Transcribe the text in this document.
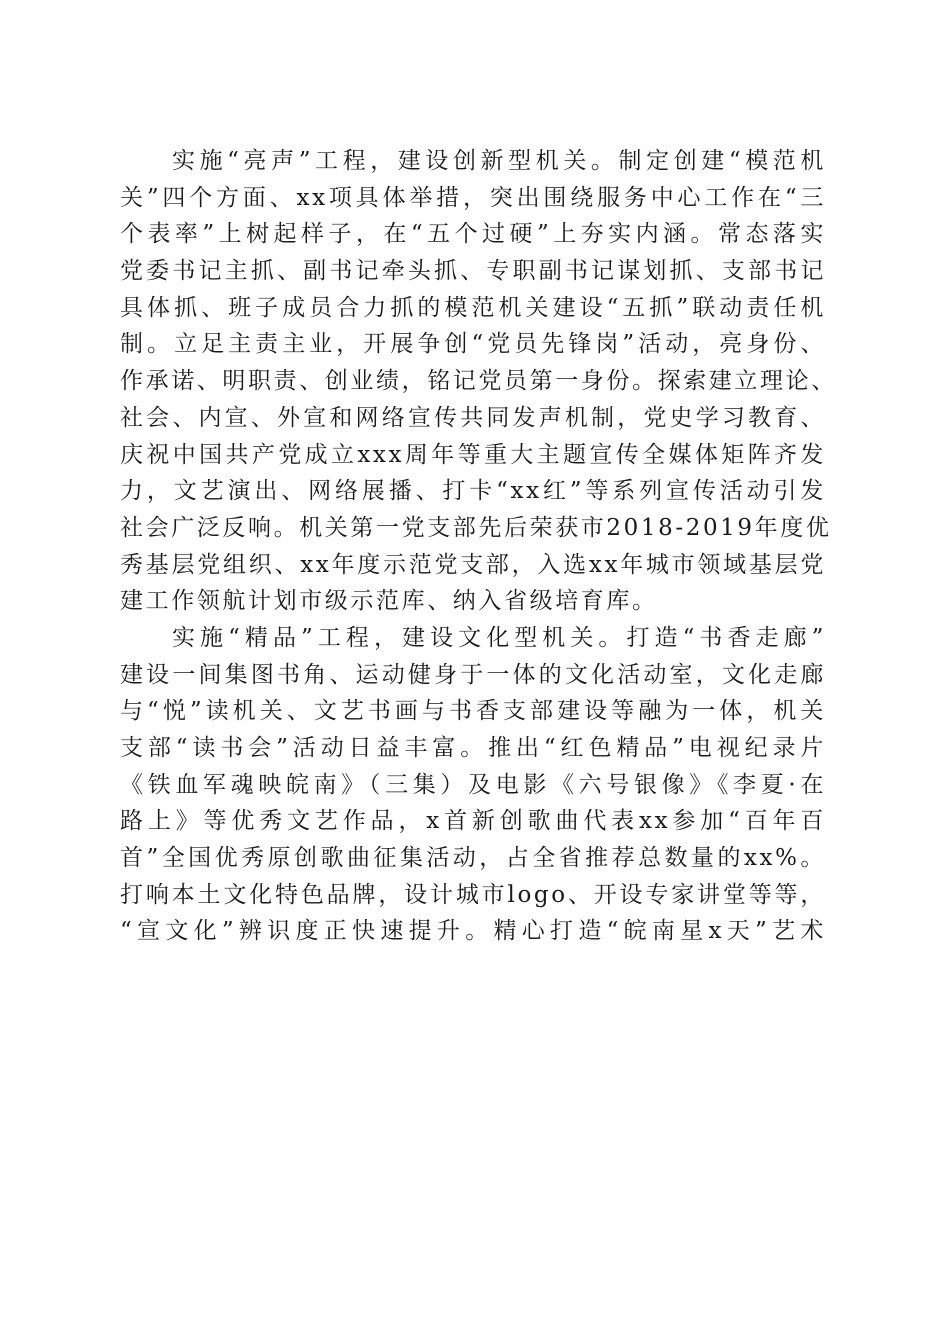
实施“亮声”工程，建设创新型机关。制定创建“模范机
关”四个方面、xx项具体举措，突出围绕服务中心工作在“三
个表率”上树起样子，在“五个过硬”上夯实内涵。常态落实
党委书记主抓、副书记牵头抓、专职副书记谋划抓、支部书记
具体抓、班子成员合力抓的模范机关建设“五抓”联动责任机
制。立足主责主业，开展争创“党员先锋岗”活动，亮身份、
作承诺、明职责、创业绩，铭记党员第一身份。探索建立理论、
社会、内宣、外宣和网络宣传共同发声机制，党史学习教育、
庆祝中国共产党成立xxx周年等重大主题宣传全媒体矩阵齐发
力，文艺演出、网络展播、打卡“xx红”等系列宣传活动引发
社会广泛反响。机关第一党支部先后荣获市2018-2019年度优
秀基层党组织、xx年度示范党支部，入选xx年城市领域基层党
建工作领航计划市级示范库、纳入省级培育库。
实施“精品”工程，建设文化型机关。打造“书香走廊”
建设一间集图书角、运动健身于一体的文化活动室，文化走廊
与“悦”读机关、文艺书画与书香支部建设等融为一体，机关
支部“读书会”活动日益丰富。推出“红色精品”电视纪录片
《铁血军魂映皖南》（三集）及电影《六号银像》《李夏·在
路上》等优秀文艺作品，x首新创歌曲代表xx参加“百年百
首”全国优秀原创歌曲征集活动，占全省推荐总数量的xx%。
打响本土文化特色品牌，设计城市logo、开设专家讲堂等等，
“宣文化”辨识度正快速提升。精心打造“皖南星x天”艺术
